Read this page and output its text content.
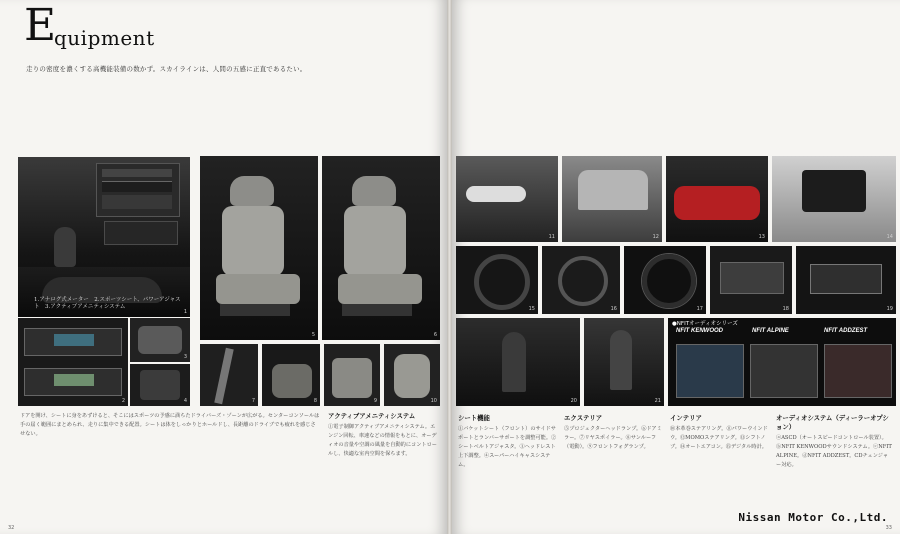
E
quipment
走りの密度を濃くする高機能装備の数かず。スカイラインは、人間の五感に正直であるたい。
1.アナログ式メーター　2.スポーツシート、パワーアジャスト　3.アクティブアメニティシステム
1
2
3
4
5	6
7	8	9	10

ドアを開け、シートに身をあずけると、そこにはスポーツの予感に満ちたドライバーズ・ゾーンが広がる。センターコンソールは手の届く範囲にまとめられ、走りに集中できる配置。シートは体をしっかりとホールドし、長距離のドライブでも疲れを感じさせない。

アクティブアメニティシステム

①電子制御アクティブアメニティシステム。エンジン回転、車速などの情報をもとに、オーディオの音量や空調の風量を自動的にコントロールし、快適な室内空間を保ちます。

32
11	12	13	14
15	16	17	18	19
20	21
●NFITオーディオシリーズ
NFIT KENWOOD	NFIT ALPINE	NFIT ADDZEST
シート機能

①バケットシート（フロント）のサイドサポートとランバーサポートを調整可能。②シートベルトアジャスタ。③ヘッドレスト上下調整。④スーパーハイキャスシステム。

エクステリア

⑤プロジェクターヘッドランプ。⑥ドアミラー。⑦リヤスポイラー。⑧サンルーフ（電動）。⑨フロントフォグランプ。

インテリア

⑩本革巻ステアリング。⑪パワーウインドウ。⑫MOMOステアリング。⑬シフトノブ。⑭オートエアコン。⑮デジタル時計。

オーディオシステム（ディーラーオプション）

ⓐASCD（オートスピードコントロール装置）。ⓑNFIT KENWOODサウンドシステム。ⓒNFIT ALPINE。ⓓNFIT ADDZEST。CDチェンジャー対応。

33
Nissan Motor Co.,Ltd.
